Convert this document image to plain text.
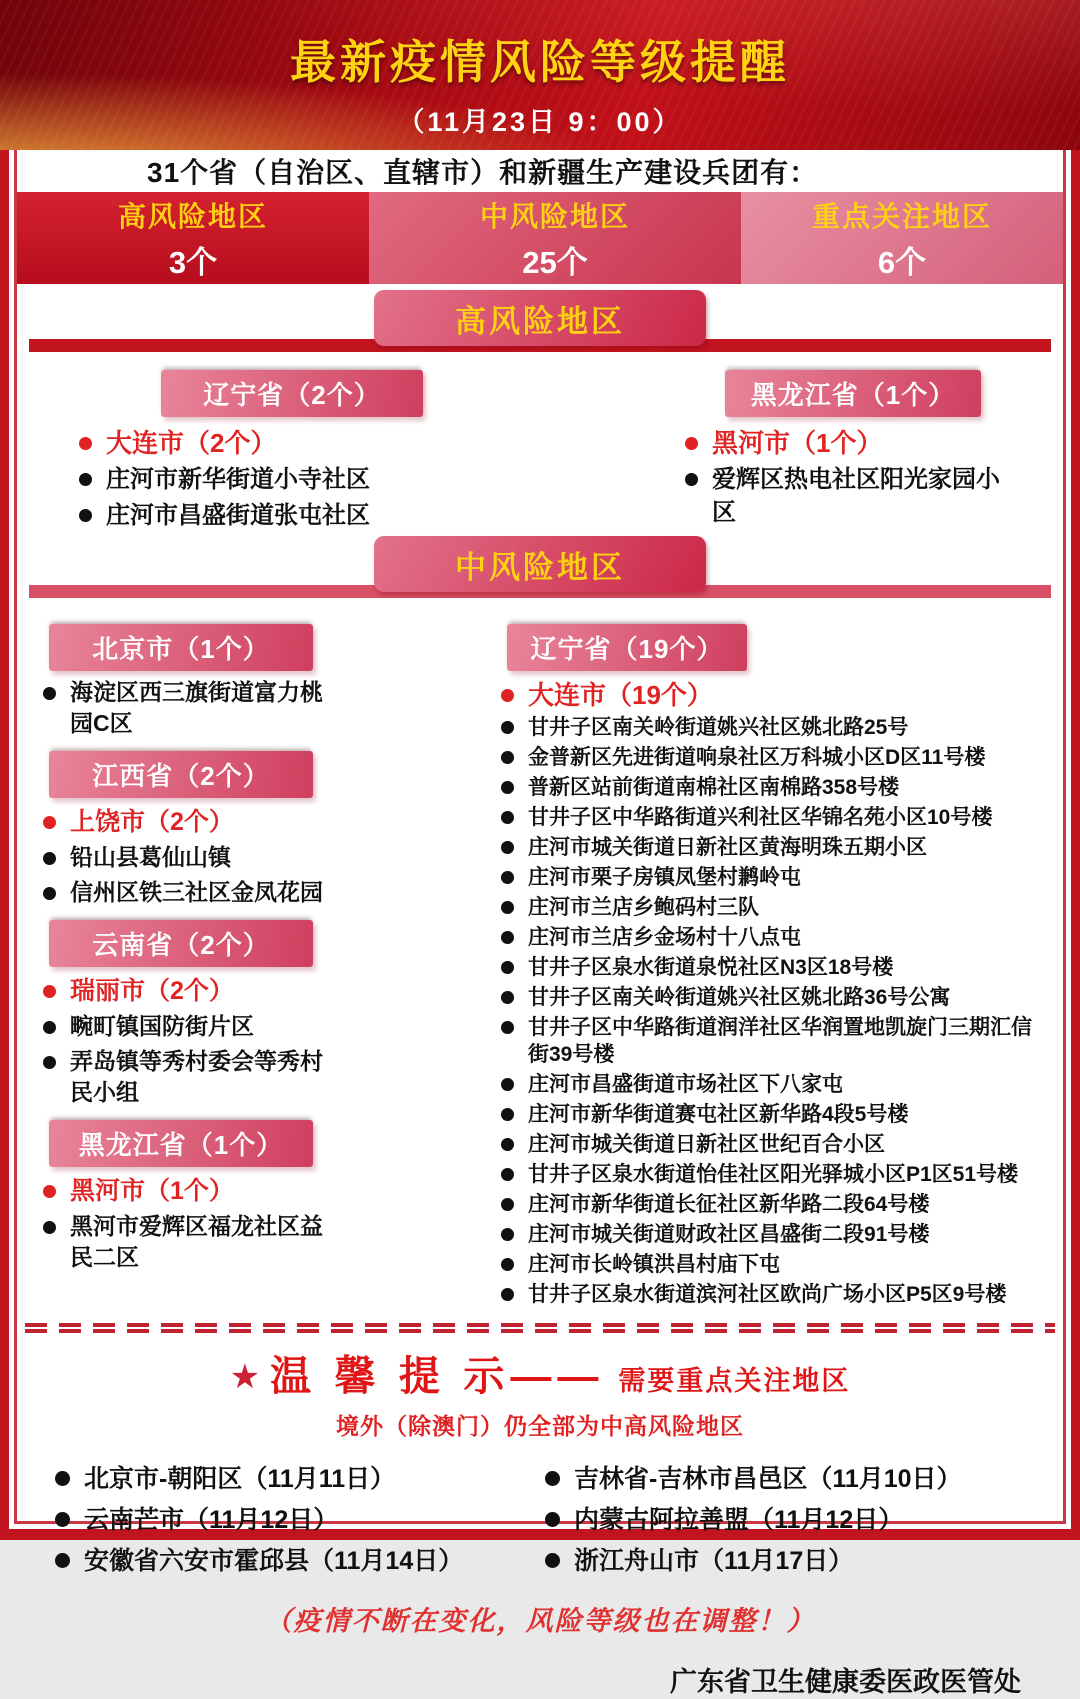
最新疫情风险等级提醒
（11月23日 9：00）
31个省（自治区、直辖市）和新疆生产建设兵团有：
高风险地区
3个
中风险地区
25个
重点关注地区
6个
高风险地区
辽宁省（2个）
大连市（2个）
庄河市新华街道小寺社区
庄河市昌盛街道张屯社区
黑龙江省（1个）
黑河市（1个）
爱辉区热电社区阳光家园小区
中风险地区
北京市（1个）
海淀区西三旗街道富力桃园C区
江西省（2个）
上饶市（2个）
铅山县葛仙山镇
信州区铁三社区金凤花园
云南省（2个）
瑞丽市（2个）
畹町镇国防街片区
弄岛镇等秀村委会等秀村民小组
黑龙江省（1个）
黑河市（1个）
黑河市爱辉区福龙社区益民二区
辽宁省（19个）
大连市（19个）
甘井子区南关岭街道姚兴社区姚北路25号
金普新区先进街道响泉社区万科城小区D区11号楼
普新区站前街道南棉社区南棉路358号楼
甘井子区中华路街道兴利社区华锦名苑小区10号楼
庄河市城关街道日新社区黄海明珠五期小区
庄河市栗子房镇凤堡村鹣岭屯
庄河市兰店乡鲍码村三队
庄河市兰店乡金场村十八点屯
甘井子区泉水街道泉悦社区N3区18号楼
甘井子区南关岭街道姚兴社区姚北路36号公寓
甘井子区中华路街道润洋社区华润置地凯旋门三期汇信街39号楼
庄河市昌盛街道市场社区下八家屯
庄河市新华街道赛屯社区新华路4段5号楼
庄河市城关街道日新社区世纪百合小区
甘井子区泉水街道怡佳社区阳光驿城小区P1区51号楼
庄河市新华街道长征社区新华路二段64号楼
庄河市城关街道财政社区昌盛街二段91号楼
庄河市长岭镇洪昌村庙下屯
甘井子区泉水街道滨河社区欧尚广场小区P5区9号楼
★ 温 馨 提 示—— 需要重点关注地区
境外（除澳门）仍全部为中高风险地区
北京市-朝阳区（11月11日）
云南芒市（11月12日）
安徽省六安市霍邱县（11月14日）
吉林省-吉林市昌邑区（11月10日）
内蒙古阿拉善盟（11月12日）
浙江舟山市（11月17日）
（疫情不断在变化，风险等级也在调整！）
广东省卫生健康委医政医管处
